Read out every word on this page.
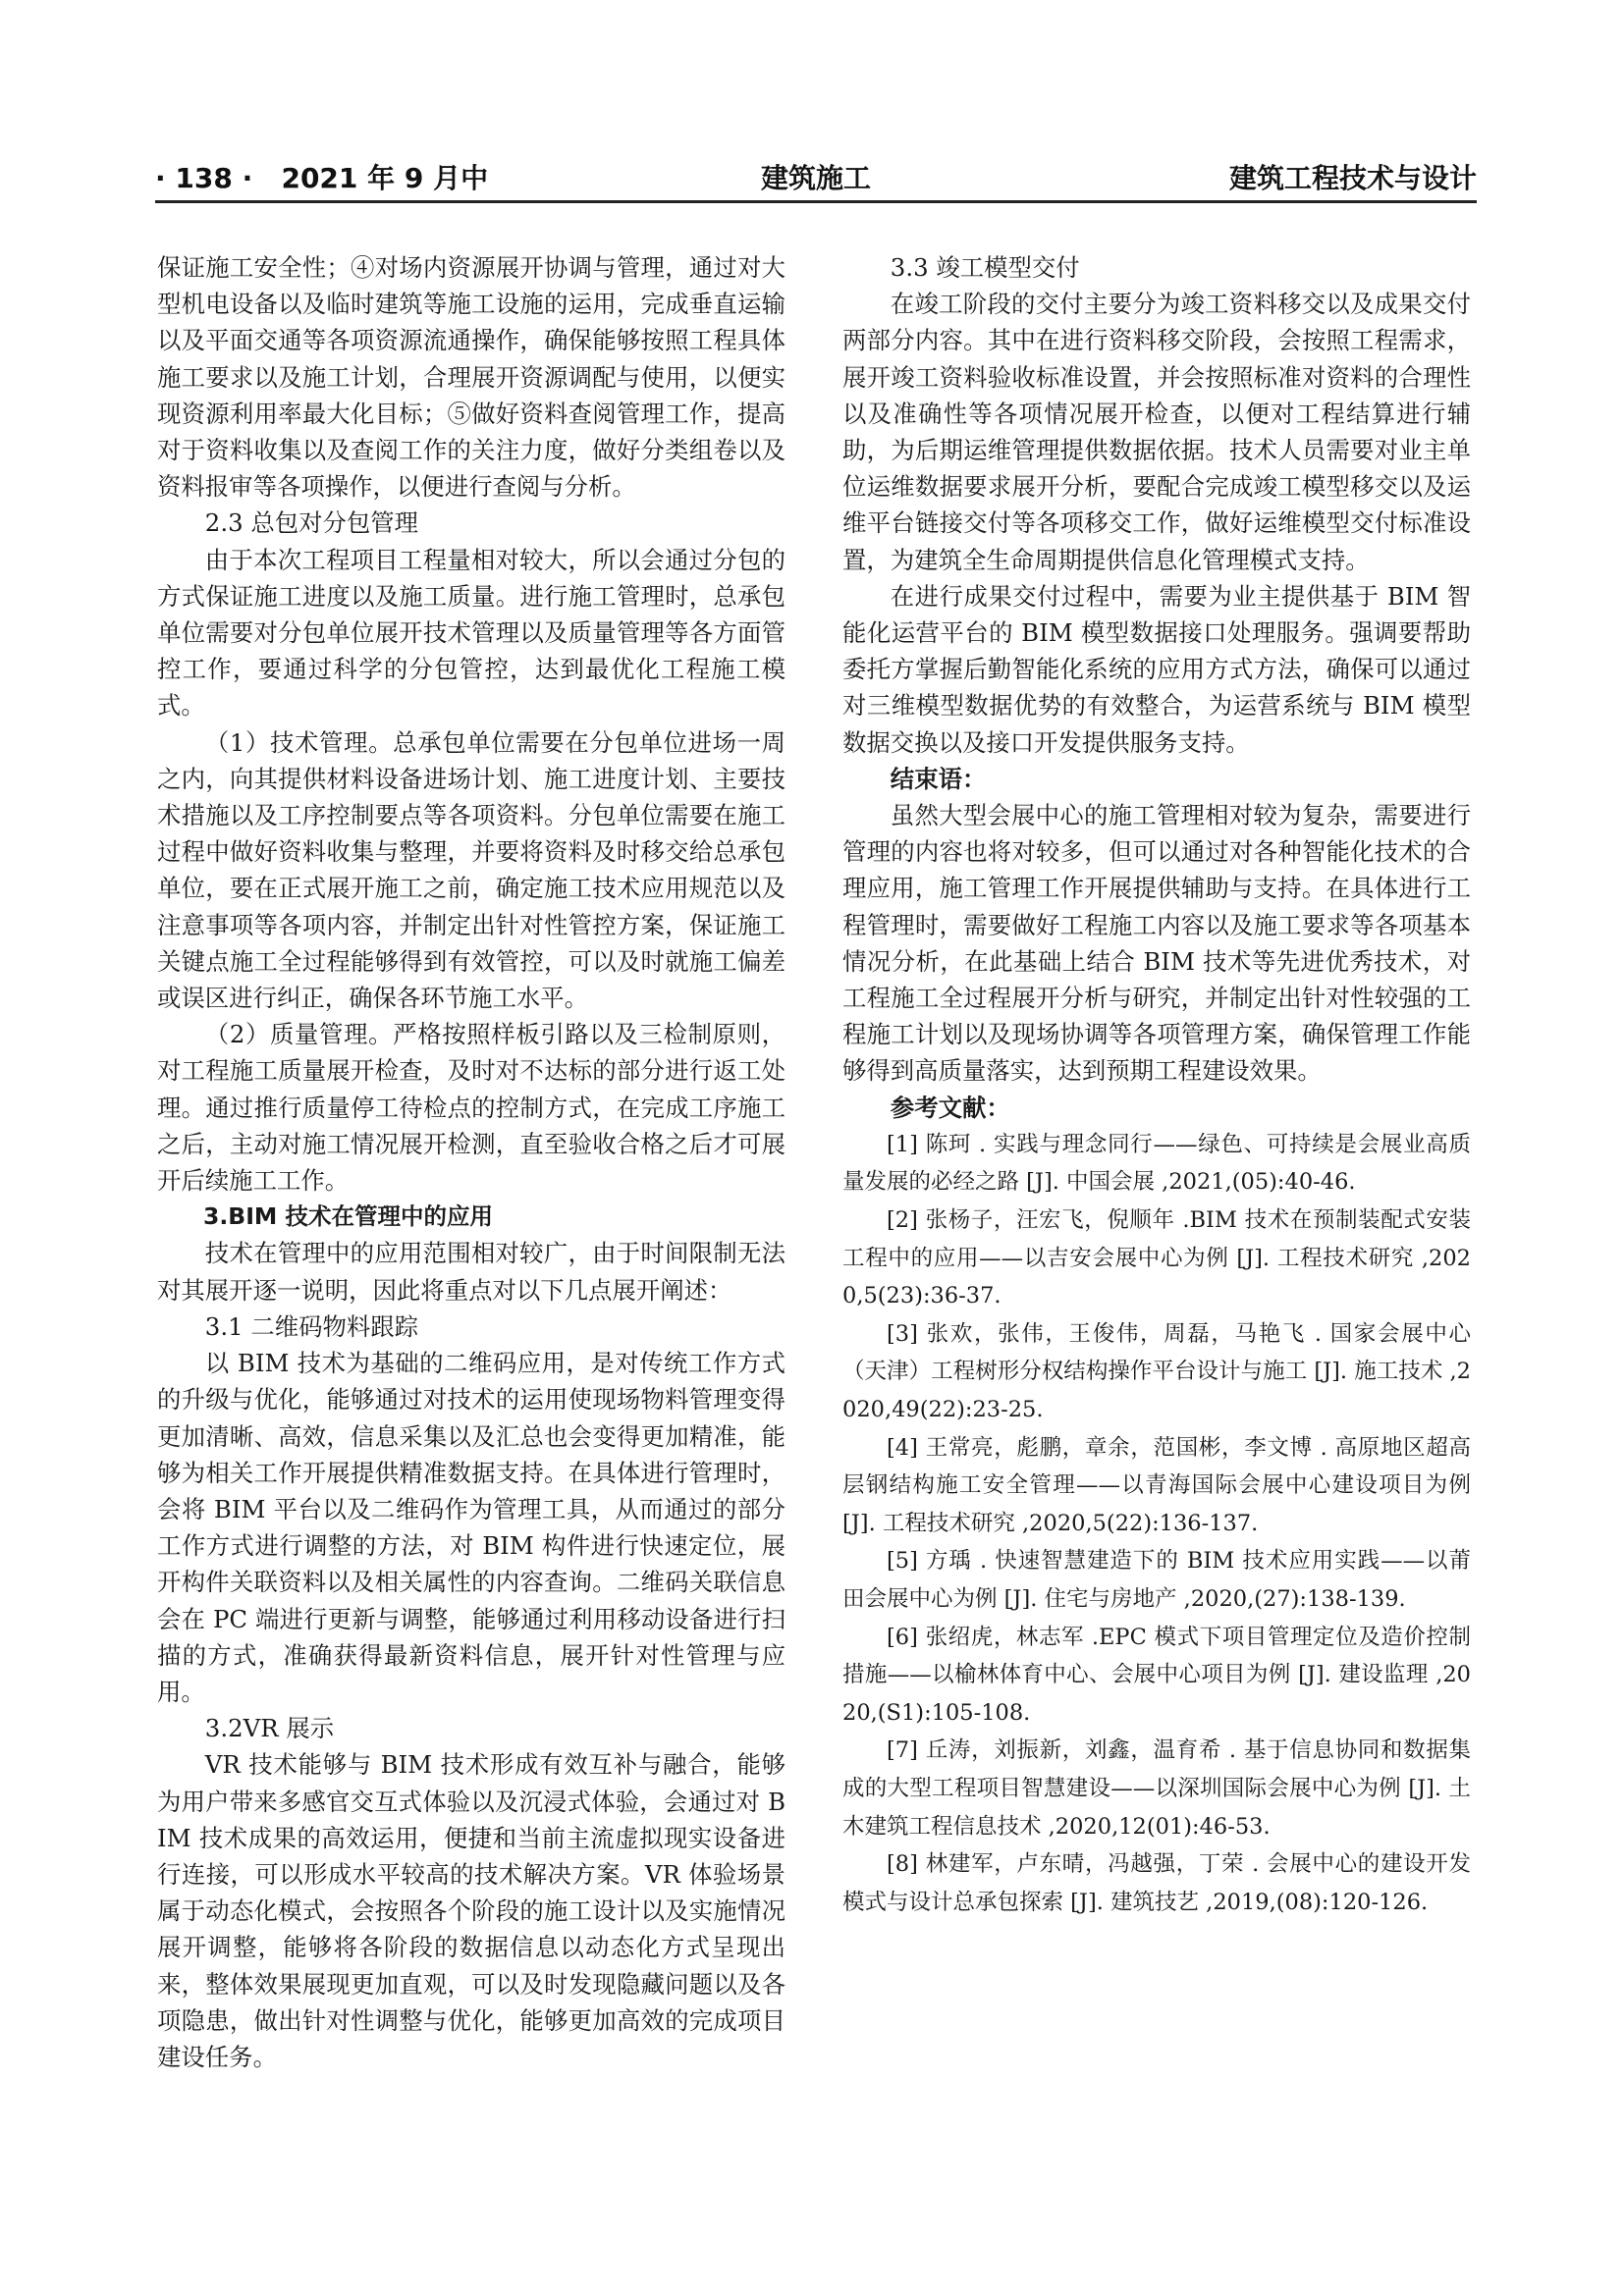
· 138 · 2021 年 9 月中	建筑施工	建筑工程技术与设计

保证施工安全性；④对场内资源展开协调与管理，通过对大型机电设备以及临时建筑等施工设施的运用，完成垂直运输以及平面交通等各项资源流通操作，确保能够按照工程具体施工要求以及施工计划，合理展开资源调配与使用，以便实现资源利用率最大化目标；⑤做好资料查阅管理工作，提高对于资料收集以及查阅工作的关注力度，做好分类组卷以及资料报审等各项操作，以便进行查阅与分析。

2.3 总包对分包管理

由于本次工程项目工程量相对较大，所以会通过分包的方式保证施工进度以及施工质量。进行施工管理时，总承包单位需要对分包单位展开技术管理以及质量管理等各方面管控工作，要通过科学的分包管控，达到最优化工程施工模式。

（1）技术管理。总承包单位需要在分包单位进场一周之内，向其提供材料设备进场计划、施工进度计划、主要技术措施以及工序控制要点等各项资料。分包单位需要在施工过程中做好资料收集与整理，并要将资料及时移交给总承包单位，要在正式展开施工之前，确定施工技术应用规范以及注意事项等各项内容，并制定出针对性管控方案，保证施工关键点施工全过程能够得到有效管控，可以及时就施工偏差或误区进行纠正，确保各环节施工水平。

（2）质量管理。严格按照样板引路以及三检制原则，对工程施工质量展开检查，及时对不达标的部分进行返工处理。通过推行质量停工待检点的控制方式，在完成工序施工之后，主动对施工情况展开检测，直至验收合格之后才可展开后续施工工作。

3.BIM 技术在管理中的应用

技术在管理中的应用范围相对较广，由于时间限制无法对其展开逐一说明，因此将重点对以下几点展开阐述：

3.1 二维码物料跟踪

以 BIM 技术为基础的二维码应用，是对传统工作方式的升级与优化，能够通过对技术的运用使现场物料管理变得更加清晰、高效，信息采集以及汇总也会变得更加精准，能够为相关工作开展提供精准数据支持。在具体进行管理时，会将 BIM 平台以及二维码作为管理工具，从而通过的部分工作方式进行调整的方法，对 BIM 构件进行快速定位，展开构件关联资料以及相关属性的内容查询。二维码关联信息会在 PC 端进行更新与调整，能够通过利用移动设备进行扫描的方式，准确获得最新资料信息，展开针对性管理与应用。

3.2VR 展示

VR 技术能够与 BIM 技术形成有效互补与融合，能够为用户带来多感官交互式体验以及沉浸式体验，会通过对 BIM 技术成果的高效运用，便捷和当前主流虚拟现实设备进行连接，可以形成水平较高的技术解决方案。VR 体验场景属于动态化模式，会按照各个阶段的施工设计以及实施情况展开调整，能够将各阶段的数据信息以动态化方式呈现出来，整体效果展现更加直观，可以及时发现隐藏问题以及各项隐患，做出针对性调整与优化，能够更加高效的完成项目建设任务。

3.3 竣工模型交付

在竣工阶段的交付主要分为竣工资料移交以及成果交付两部分内容。其中在进行资料移交阶段，会按照工程需求，展开竣工资料验收标准设置，并会按照标准对资料的合理性以及准确性等各项情况展开检查，以便对工程结算进行辅助，为后期运维管理提供数据依据。技术人员需要对业主单位运维数据要求展开分析，要配合完成竣工模型移交以及运维平台链接交付等各项移交工作，做好运维模型交付标准设置，为建筑全生命周期提供信息化管理模式支持。

在进行成果交付过程中，需要为业主提供基于 BIM 智能化运营平台的 BIM 模型数据接口处理服务。强调要帮助委托方掌握后勤智能化系统的应用方式方法，确保可以通过对三维模型数据优势的有效整合，为运营系统与 BIM 模型数据交换以及接口开发提供服务支持。

结束语：

虽然大型会展中心的施工管理相对较为复杂，需要进行管理的内容也将对较多，但可以通过对各种智能化技术的合理应用，施工管理工作开展提供辅助与支持。在具体进行工程管理时，需要做好工程施工内容以及施工要求等各项基本情况分析，在此基础上结合 BIM 技术等先进优秀技术，对工程施工全过程展开分析与研究，并制定出针对性较强的工程施工计划以及现场协调等各项管理方案，确保管理工作能够得到高质量落实，达到预期工程建设效果。

参考文献：

[1] 陈珂 . 实践与理念同行——绿色、可持续是会展业高质量发展的必经之路 [J]. 中国会展 ,2021,(05):40-46.

[2] 张杨子，汪宏飞，倪顺年 .BIM 技术在预制装配式安装工程中的应用——以吉安会展中心为例 [J]. 工程技术研究 ,2020,5(23):36-37.

[3] 张欢，张伟，王俊伟，周磊，马艳飞 . 国家会展中心（天津）工程树形分权结构操作平台设计与施工 [J]. 施工技术 ,2020,49(22):23-25.

[4] 王常亮，彪鹏，章余，范国彬，李文博 . 高原地区超高层钢结构施工安全管理——以青海国际会展中心建设项目为例 [J]. 工程技术研究 ,2020,5(22):136-137.

[5] 方瑀 . 快速智慧建造下的 BIM 技术应用实践——以莆田会展中心为例 [J]. 住宅与房地产 ,2020,(27):138-139.

[6] 张绍虎，林志军 .EPC 模式下项目管理定位及造价控制措施——以榆林体育中心、会展中心项目为例 [J]. 建设监理 ,2020,(S1):105-108.

[7] 丘涛，刘振新，刘鑫，温育希 . 基于信息协同和数据集成的大型工程项目智慧建设——以深圳国际会展中心为例 [J]. 土木建筑工程信息技术 ,2020,12(01):46-53.

[8] 林建军，卢东晴，冯越强，丁荣 . 会展中心的建设开发模式与设计总承包探索 [J]. 建筑技艺 ,2019,(08):120-126.
